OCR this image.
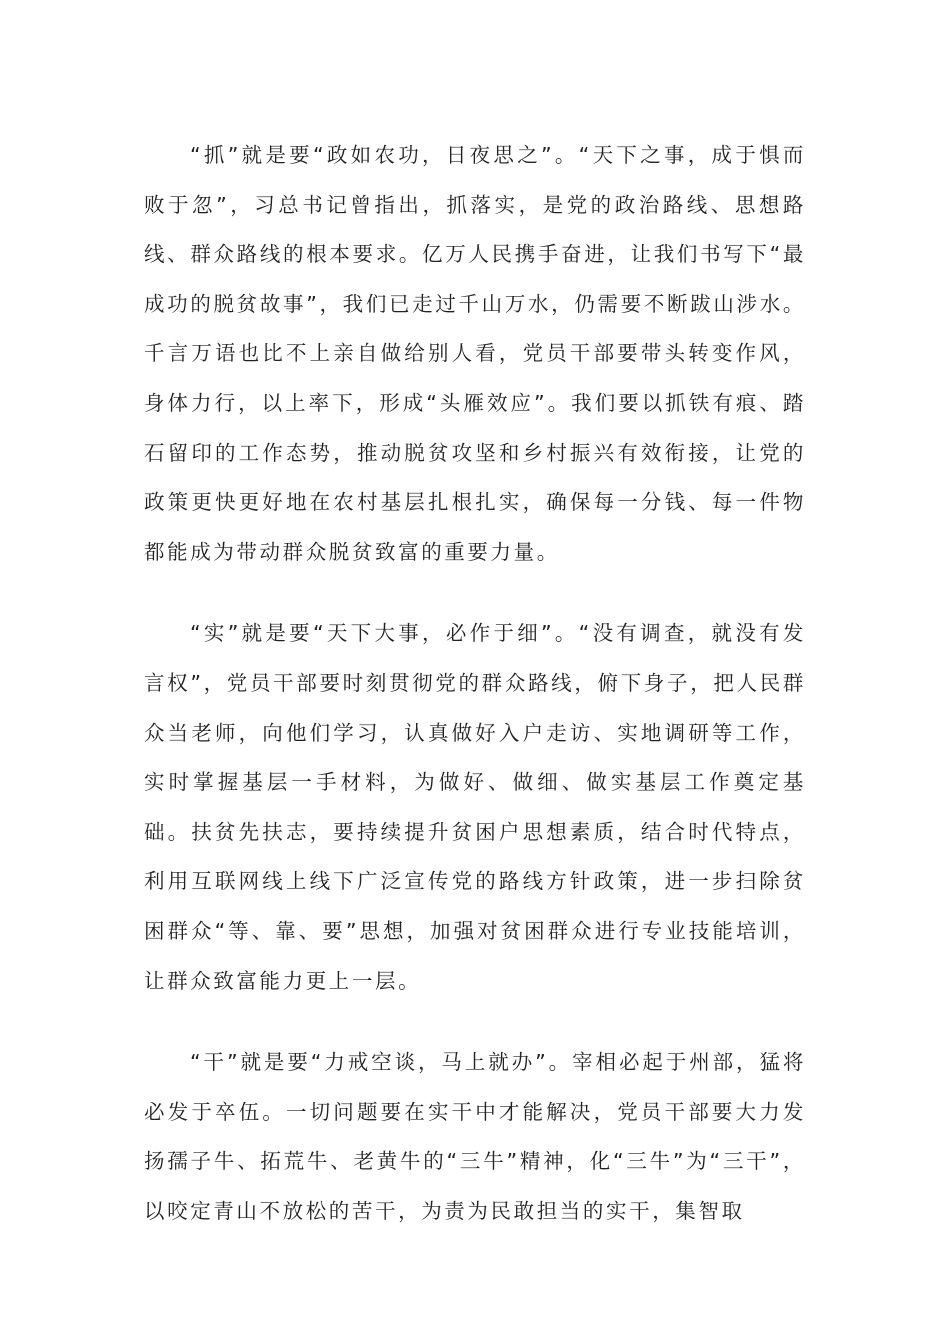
“抓”就是要“政如农功，日夜思之”。“天下之事，成于惧而败于忽”，习总书记曾指出，抓落实，是党的政治路线、思想路线、群众路线的根本要求。亿万人民携手奋进，让我们书写下“最成功的脱贫故事”，我们已走过千山万水，仍需要不断跋山涉水。千言万语也比不上亲自做给别人看，党员干部要带头转变作风，身体力行，以上率下，形成“头雁效应”。我们要以抓铁有痕、踏石留印的工作态势，推动脱贫攻坚和乡村振兴有效衔接，让党的政策更快更好地在农村基层扎根扎实，确保每一分钱、每一件物都能成为带动群众脱贫致富的重要力量。

“实”就是要“天下大事，必作于细”。“没有调查，就没有发言权”，党员干部要时刻贯彻党的群众路线，俯下身子，把人民群众当老师，向他们学习，认真做好入户走访、实地调研等工作，实时掌握基层一手材料，为做好、做细、做实基层工作奠定基础。扶贫先扶志，要持续提升贫困户思想素质，结合时代特点，利用互联网线上线下广泛宣传党的路线方针政策，进一步扫除贫困群众“等、靠、要”思想，加强对贫困群众进行专业技能培训，让群众致富能力更上一层。

“干”就是要“力戒空谈，马上就办”。宰相必起于州部，猛将必发于卒伍。一切问题要在实干中才能解决，党员干部要大力发扬孺子牛、拓荒牛、老黄牛的“三牛”精神，化“三牛”为“三干”，以咬定青山不放松的苦干，为责为民敢担当的实干，集智取
